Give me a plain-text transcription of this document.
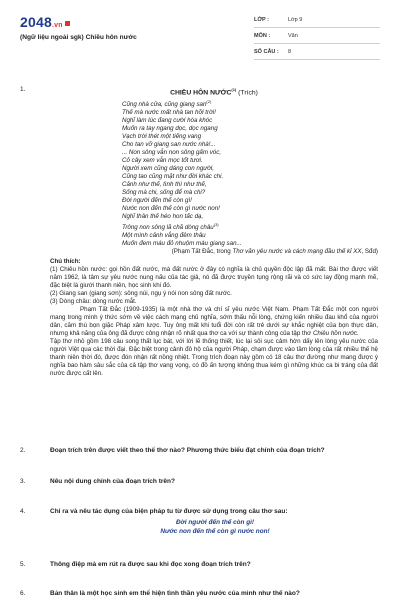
2048.vn
(Ngữ liệu ngoài sgk) Chiều hôn nước
LỚP :	Lớp 9
MÔN :	Văn
SỐ CÂU :	8
1.	CHIỀU HÔN NƯỚC$^{(1)}$ (Trích)
Cũng nhà cửa, cũng giang san$^{(2)}$

Thế mà nước mất nhà tan hỡi trời!
Nghĩ làm lúc đang cười hóa khóc
Muốn ra tay ngang dọc, dọc ngang
Vạch trời thét một tiếng vang
Cho tan vỡ giang san nước nhà!...
... Non sông vẫn non sông gấm vóc,
Cỏ cây xem vẫn mọc tốt tươi.
Người xem cũng dáng con người,
Cũng tao cũng mặt như đời khác chi.
Cảnh như thế, tình thì như thế,
Sống mà chi, sống để mà chi?
Đời người đến thế còn gì!
Nước non đến thế còn gì nước non!
Nghĩ thân thế héo hon tấc dạ,
Trông non sông lã chã dòng châu$^{(3)}$

Một mình cảnh vắng đêm thâu
Muốn đem máu đỏ nhuộm màu giang san...
(Phạm Tất Đắc, trong Thơ văn yêu nước và cách mạng đầu thế kỉ XX, Sđd)
Chú thích:
(1) Chiêu hồn nước: gọi hồn đất nước, mà đất nước ở đây có nghĩa là chủ quyền độc lập đã mất. Bài thơ được viết năm 1962, là tâm sự yêu nước nung nấu của tác giả, nó đã được truyền tụng rộng rãi và có sức lay động mạnh mẽ, đặc biệt là giưới thanh niên, học sinh khi đó.
(2) Giang san (giang sơn): sông núi, ngụ ý nói non sông đất nước.
(3) Dòng châu: dòng nước mắt.
Phạm Tất Đắc (1909-1935) là một nhà thơ và chí sĩ yêu nước Việt Nam. Phạm Tất Đắc một con người mang trong mình ý thức sớm về việc cách mạng chủ nghĩa, sớm thấu nỗi lòng, chứng kiến nhiều đau khổ của người dân, căm thù bọn giặc Pháp xâm lược. Tuy ông mất khi tuổi đời còn rất trẻ dưới sự khắc nghiệt của bọn thực dân, nhưng khả năng của ông đã được công nhận rõ nhất qua thơ ca với sự thành công của tập thơ Chiêu hồn nước.
Tập thơ nhỏ gồm 198 câu song thất lục bát, với lời lẽ thống thiết, lúc lại sôi sục cảm hờn dấy lên lòng yêu nước của người Việt qua các thời đại. Đặc biệt trong cảnh đô hộ của người Pháp, chạm được vào tầm lòng của rất nhiều thế hệ thanh niên thời đó, được đón nhận rất nồng nhiệt. Trong trích đoạn này gồm có 18 câu thơ đường như mang được ý nghĩa bao hàm sâu sắc của cả tập thơ vang vọng, có đồ ấn tượng không thua kém gì những khúc ca bi tráng của đất nước được cất lên.
2.	Đoạn trích trên được viết theo thể thơ nào? Phương thức biểu đạt chính của đoạn trích?
3.	Nêu nội dung chính của đoạn trích trên?
4.	Chỉ ra và nêu tác dụng của biện pháp tu từ được sử dụng trong câu thơ sau:
Đời người đến thế còn gì!
Nước non đến thế còn gì nước non!
5.	Thông điệp mà em rút ra được sau khi đọc xong đoạn trích trên?
6.	Bản thân là một học sinh em thể hiện tình thần yêu nước của mình như thế nào?
